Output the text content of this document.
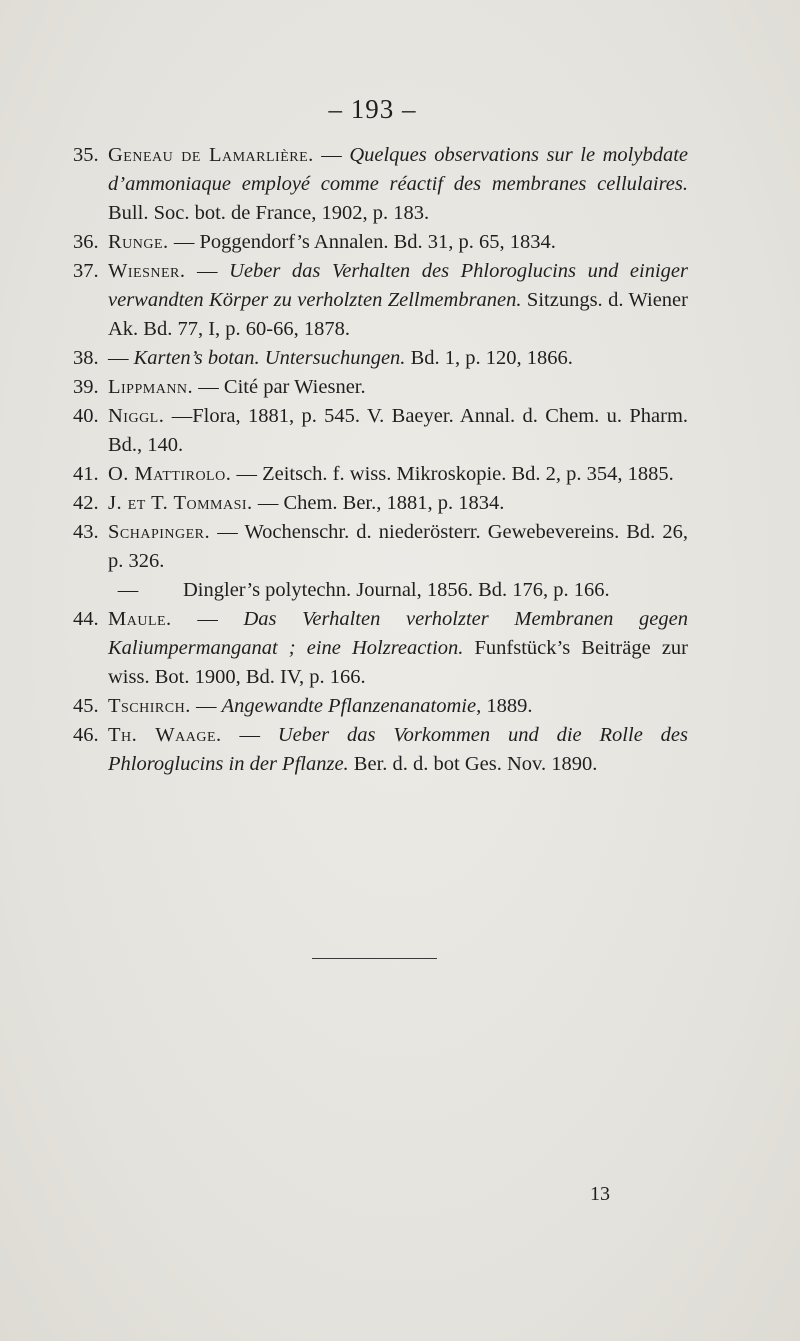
– 193 –
35. Geneau de Lamarlière. — Quelques observations sur le molybdate d’ammoniaque employé comme réactif des membranes cellulaires. Bull. Soc. bot. de France, 1902, p. 183.
36. Runge. — Poggendorf’s Annalen. Bd. 31, p. 65, 1834.
37. Wiesner. — Ueber das Verhalten des Phloroglucins und einiger verwandten Körper zu verholzten Zellmembranen. Sitzungs. d. Wiener Ak. Bd. 77, I, p. 60-66, 1878.
38. — Karten’s botan. Untersuchungen. Bd. 1, p. 120, 1866.
39. Lippmann. — Cité par Wiesner.
40. Niggl. —Flora, 1881, p. 545. V. Baeyer. Annal. d. Chem. u. Pharm. Bd., 140.
41. O. Mattirolo. — Zeitsch. f. wiss. Mikroskopie. Bd. 2, p. 354, 1885.
42. J. et T. Tommasi. — Chem. Ber., 1881, p. 1834.
43. Schapinger. — Wochenschr. d. niederösterr. Gewebevereins. Bd. 26, p. 326.
—	Dingler’s polytechn. Journal, 1856. Bd. 176, p. 166.
44. Maule. — Das Verhalten verholzter Membranen gegen Kaliumpermanganat ; eine Holzreaction. Funfstück’s Beiträge zur wiss. Bot. 1900, Bd. IV, p. 166.
45. Tschirch. — Angewandte Pflanzenanatomie, 1889.
46. Th. Waage. — Ueber das Vorkommen und die Rolle des Phloroglucins in der Pflanze. Ber. d. d. bot Ges. Nov. 1890.
13
